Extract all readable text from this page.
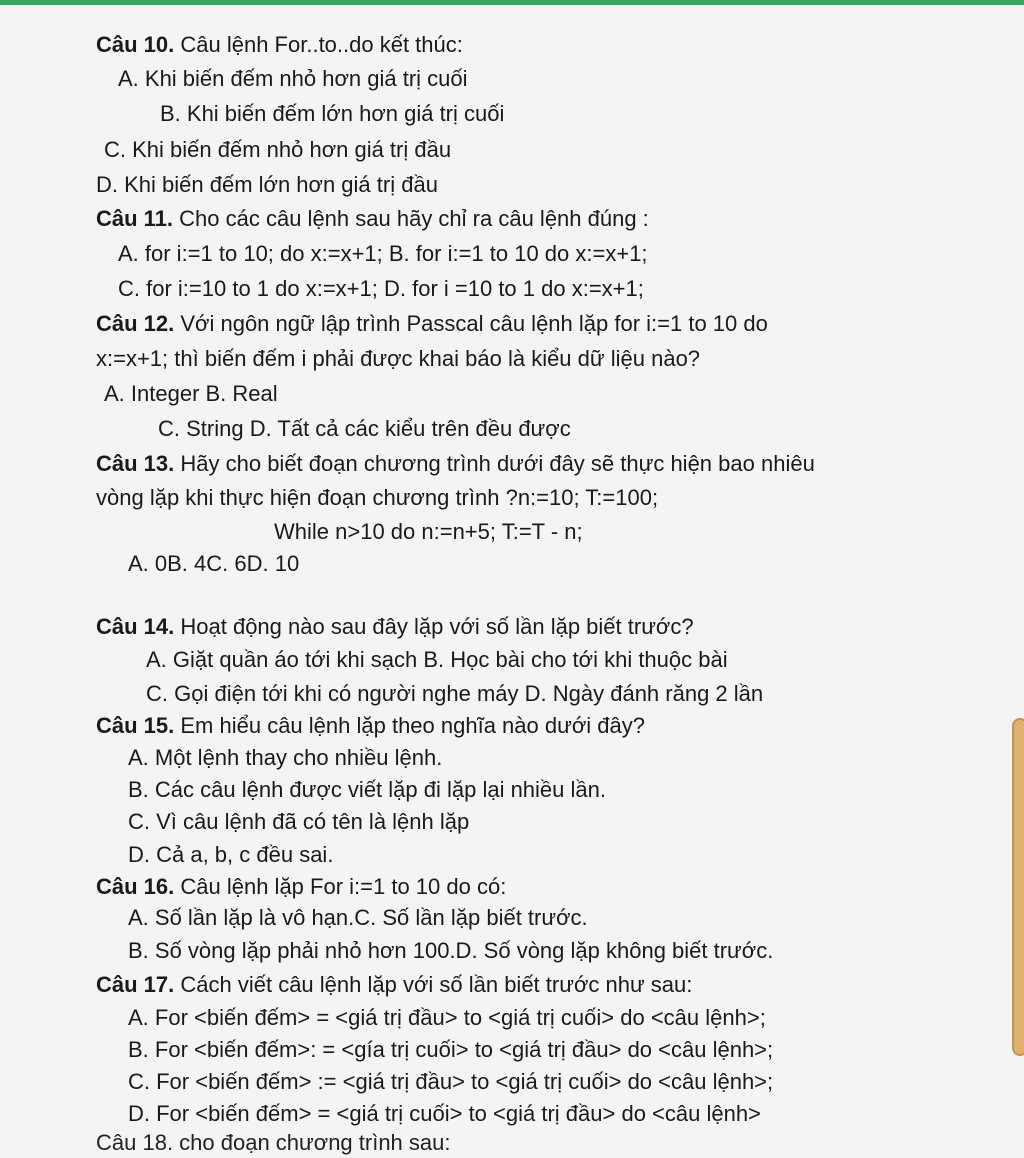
Câu 10. Câu lệnh For..to..do kết thúc:
A. Khi biến đếm nhỏ hơn giá trị cuối
B. Khi biến đếm lớn hơn giá trị cuối
C. Khi biến đếm nhỏ hơn giá trị đầu
D. Khi biến đếm lớn hơn giá trị đầu
Câu 11. Cho các câu lệnh sau hãy chỉ ra câu lệnh đúng :
A. for i:=1 to 10; do x:=x+1; B. for i:=1 to 10 do x:=x+1;
C. for i:=10 to 1 do x:=x+1; D. for i =10 to 1 do x:=x+1;
Câu 12. Với ngôn ngữ lập trình Passcal câu lệnh lặp for i:=1 to 10 do
x:=x+1; thì biến đếm i phải được khai báo là kiểu dữ liệu nào?
A. Integer B. Real
C. String D. Tất cả các kiểu trên đều được
Câu 13. Hãy cho biết đoạn chương trình dưới đây sẽ thực hiện bao nhiêu
vòng lặp khi thực hiện đoạn chương trình ?n:=10; T:=100;
While n>10 do n:=n+5; T:=T - n;
A. 0B. 4C. 6D. 10
Câu 14. Hoạt động nào sau đây lặp với số lần lặp biết trước?
A. Giặt quần áo tới khi sạch B. Học bài cho tới khi thuộc bài
C. Gọi điện tới khi có người nghe máy D. Ngày đánh răng 2 lần
Câu 15. Em hiểu câu lệnh lặp theo nghĩa nào dưới đây?
A. Một lệnh thay cho nhiều lệnh.
B. Các câu lệnh được viết lặp đi lặp lại nhiều lần.
C. Vì câu lệnh đã có tên là lệnh lặp
D. Cả a, b, c đều sai.
Câu 16. Câu lệnh lặp For i:=1 to 10 do có:
A. Số lần lặp là vô hạn.C. Số lần lặp biết trước.
B. Số vòng lặp phải nhỏ hơn 100.D. Số vòng lặp không biết trước.
Câu 17. Cách viết câu lệnh lặp với số lần biết trước như sau:
A. For <biến đếm> = <giá trị đầu> to <giá trị cuối> do <câu lệnh>;
B. For <biến đếm>: = <gía trị cuối> to <giá trị đầu> do <câu lệnh>;
C. For <biến đếm> := <giá trị đầu> to <giá trị cuối> do <câu lệnh>;
D. For <biến đếm> = <giá trị cuối> to <giá trị đầu> do <câu lệnh>
Câu 18. cho đoạn chương trình sau:
